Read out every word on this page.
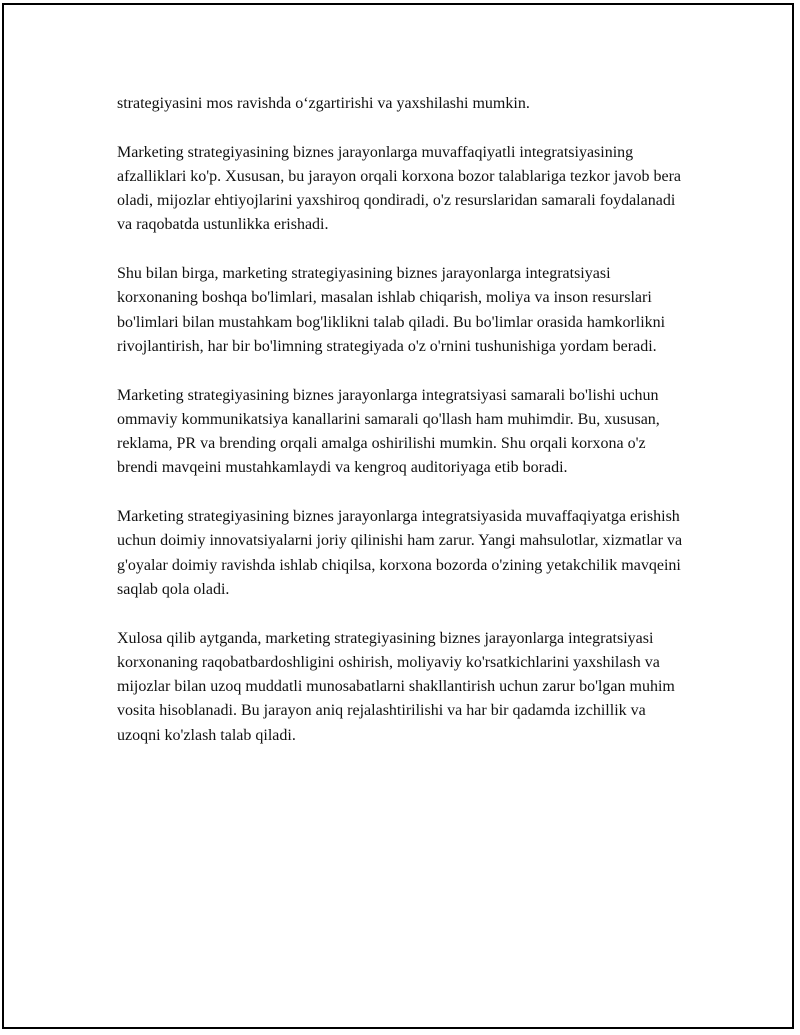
strategiyasini mos ravishda oʻzgartirishi va yaxshilashi mumkin.

Marketing strategiyasining biznes jarayonlarga muvaffaqiyatli integratsiyasining afzalliklari ko'p. Xususan, bu jarayon orqali korxona bozor talablariga tezkor javob bera oladi, mijozlar ehtiyojlarini yaxshiroq qondiradi, o'z resurslaridan samarali foydalanadi va raqobatda ustunlikka erishadi.

Shu bilan birga, marketing strategiyasining biznes jarayonlarga integratsiyasi korxonaning boshqa bo'limlari, masalan ishlab chiqarish, moliya va inson resurslari bo'limlari bilan mustahkam bog'liklikni talab qiladi. Bu bo'limlar orasida hamkorlikni rivojlantirish, har bir bo'limning strategiyada o'z o'rnini tushunishiga yordam beradi.

Marketing strategiyasining biznes jarayonlarga integratsiyasi samarali bo'lishi uchun ommaviy kommunikatsiya kanallarini samarali qo'llash ham muhimdir. Bu, xususan, reklama, PR va brending orqali amalga oshirilishi mumkin. Shu orqali korxona o'z brendi mavqeini mustahkamlaydi va kengroq auditoriyaga etib boradi.

Marketing strategiyasining biznes jarayonlarga integratsiyasida muvaffaqiyatga erishish uchun doimiy innovatsiyalarni joriy qilinishi ham zarur. Yangi mahsulotlar, xizmatlar va g'oyalar doimiy ravishda ishlab chiqilsa, korxona bozorda o'zining yetakchilik mavqeini saqlab qola oladi.

Xulosa qilib aytganda, marketing strategiyasining biznes jarayonlarga integratsiyasi korxonaning raqobatbardoshligini oshirish, moliyaviy ko'rsatkichlarini yaxshilash va mijozlar bilan uzoq muddatli munosabatlarni shakllantirish uchun zarur bo'lgan muhim vosita hisoblanadi. Bu jarayon aniq rejalashtirilishi va har bir qadamda izchillik va uzoqni ko'zlash talab qiladi.
